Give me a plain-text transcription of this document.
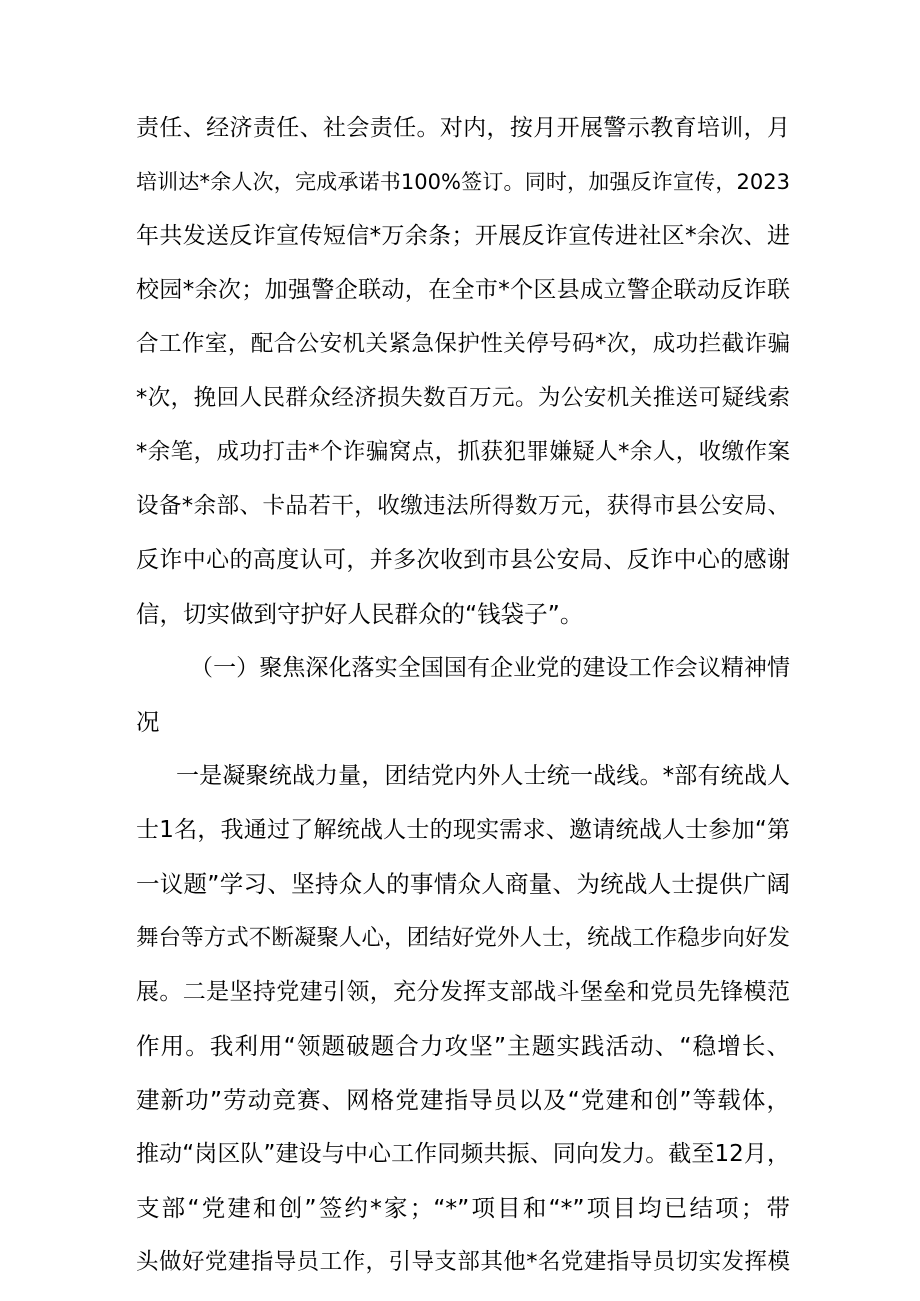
责任、经济责任、社会责任。对内，按月开展警示教育培训，月
培训达*余人次，完成承诺书100%签订。同时，加强反诈宣传，2023
年共发送反诈宣传短信*万余条；开展反诈宣传进社区*余次、进
校园*余次；加强警企联动，在全市*个区县成立警企联动反诈联
合工作室，配合公安机关紧急保护性关停号码*次，成功拦截诈骗
*次，挽回人民群众经济损失数百万元。为公安机关推送可疑线索
*余笔，成功打击*个诈骗窝点，抓获犯罪嫌疑人*余人，收缴作案
设备*余部、卡品若干，收缴违法所得数万元，获得市县公安局、
反诈中心的高度认可，并多次收到市县公安局、反诈中心的感谢
信，切实做到守护好人民群众的“钱袋子”。
（一）聚焦深化落实全国国有企业党的建设工作会议精神情
况
一是凝聚统战力量，团结党内外人士统一战线。*部有统战人
士1名，我通过了解统战人士的现实需求、邀请统战人士参加“第
一议题”学习、坚持众人的事情众人商量、为统战人士提供广阔
舞台等方式不断凝聚人心，团结好党外人士，统战工作稳步向好发
展。二是坚持党建引领，充分发挥支部战斗堡垒和党员先锋模范
作用。我利用“领题破题合力攻坚”主题实践活动、“稳增长、
建新功”劳动竞赛、网格党建指导员以及“党建和创”等载体，
推动“岗区队”建设与中心工作同频共振、同向发力。截至12月，
支部“党建和创”签约*家；“*”项目和“*”项目均已结项；带
头做好党建指导员工作，引导支部其他*名党建指导员切实发挥模
